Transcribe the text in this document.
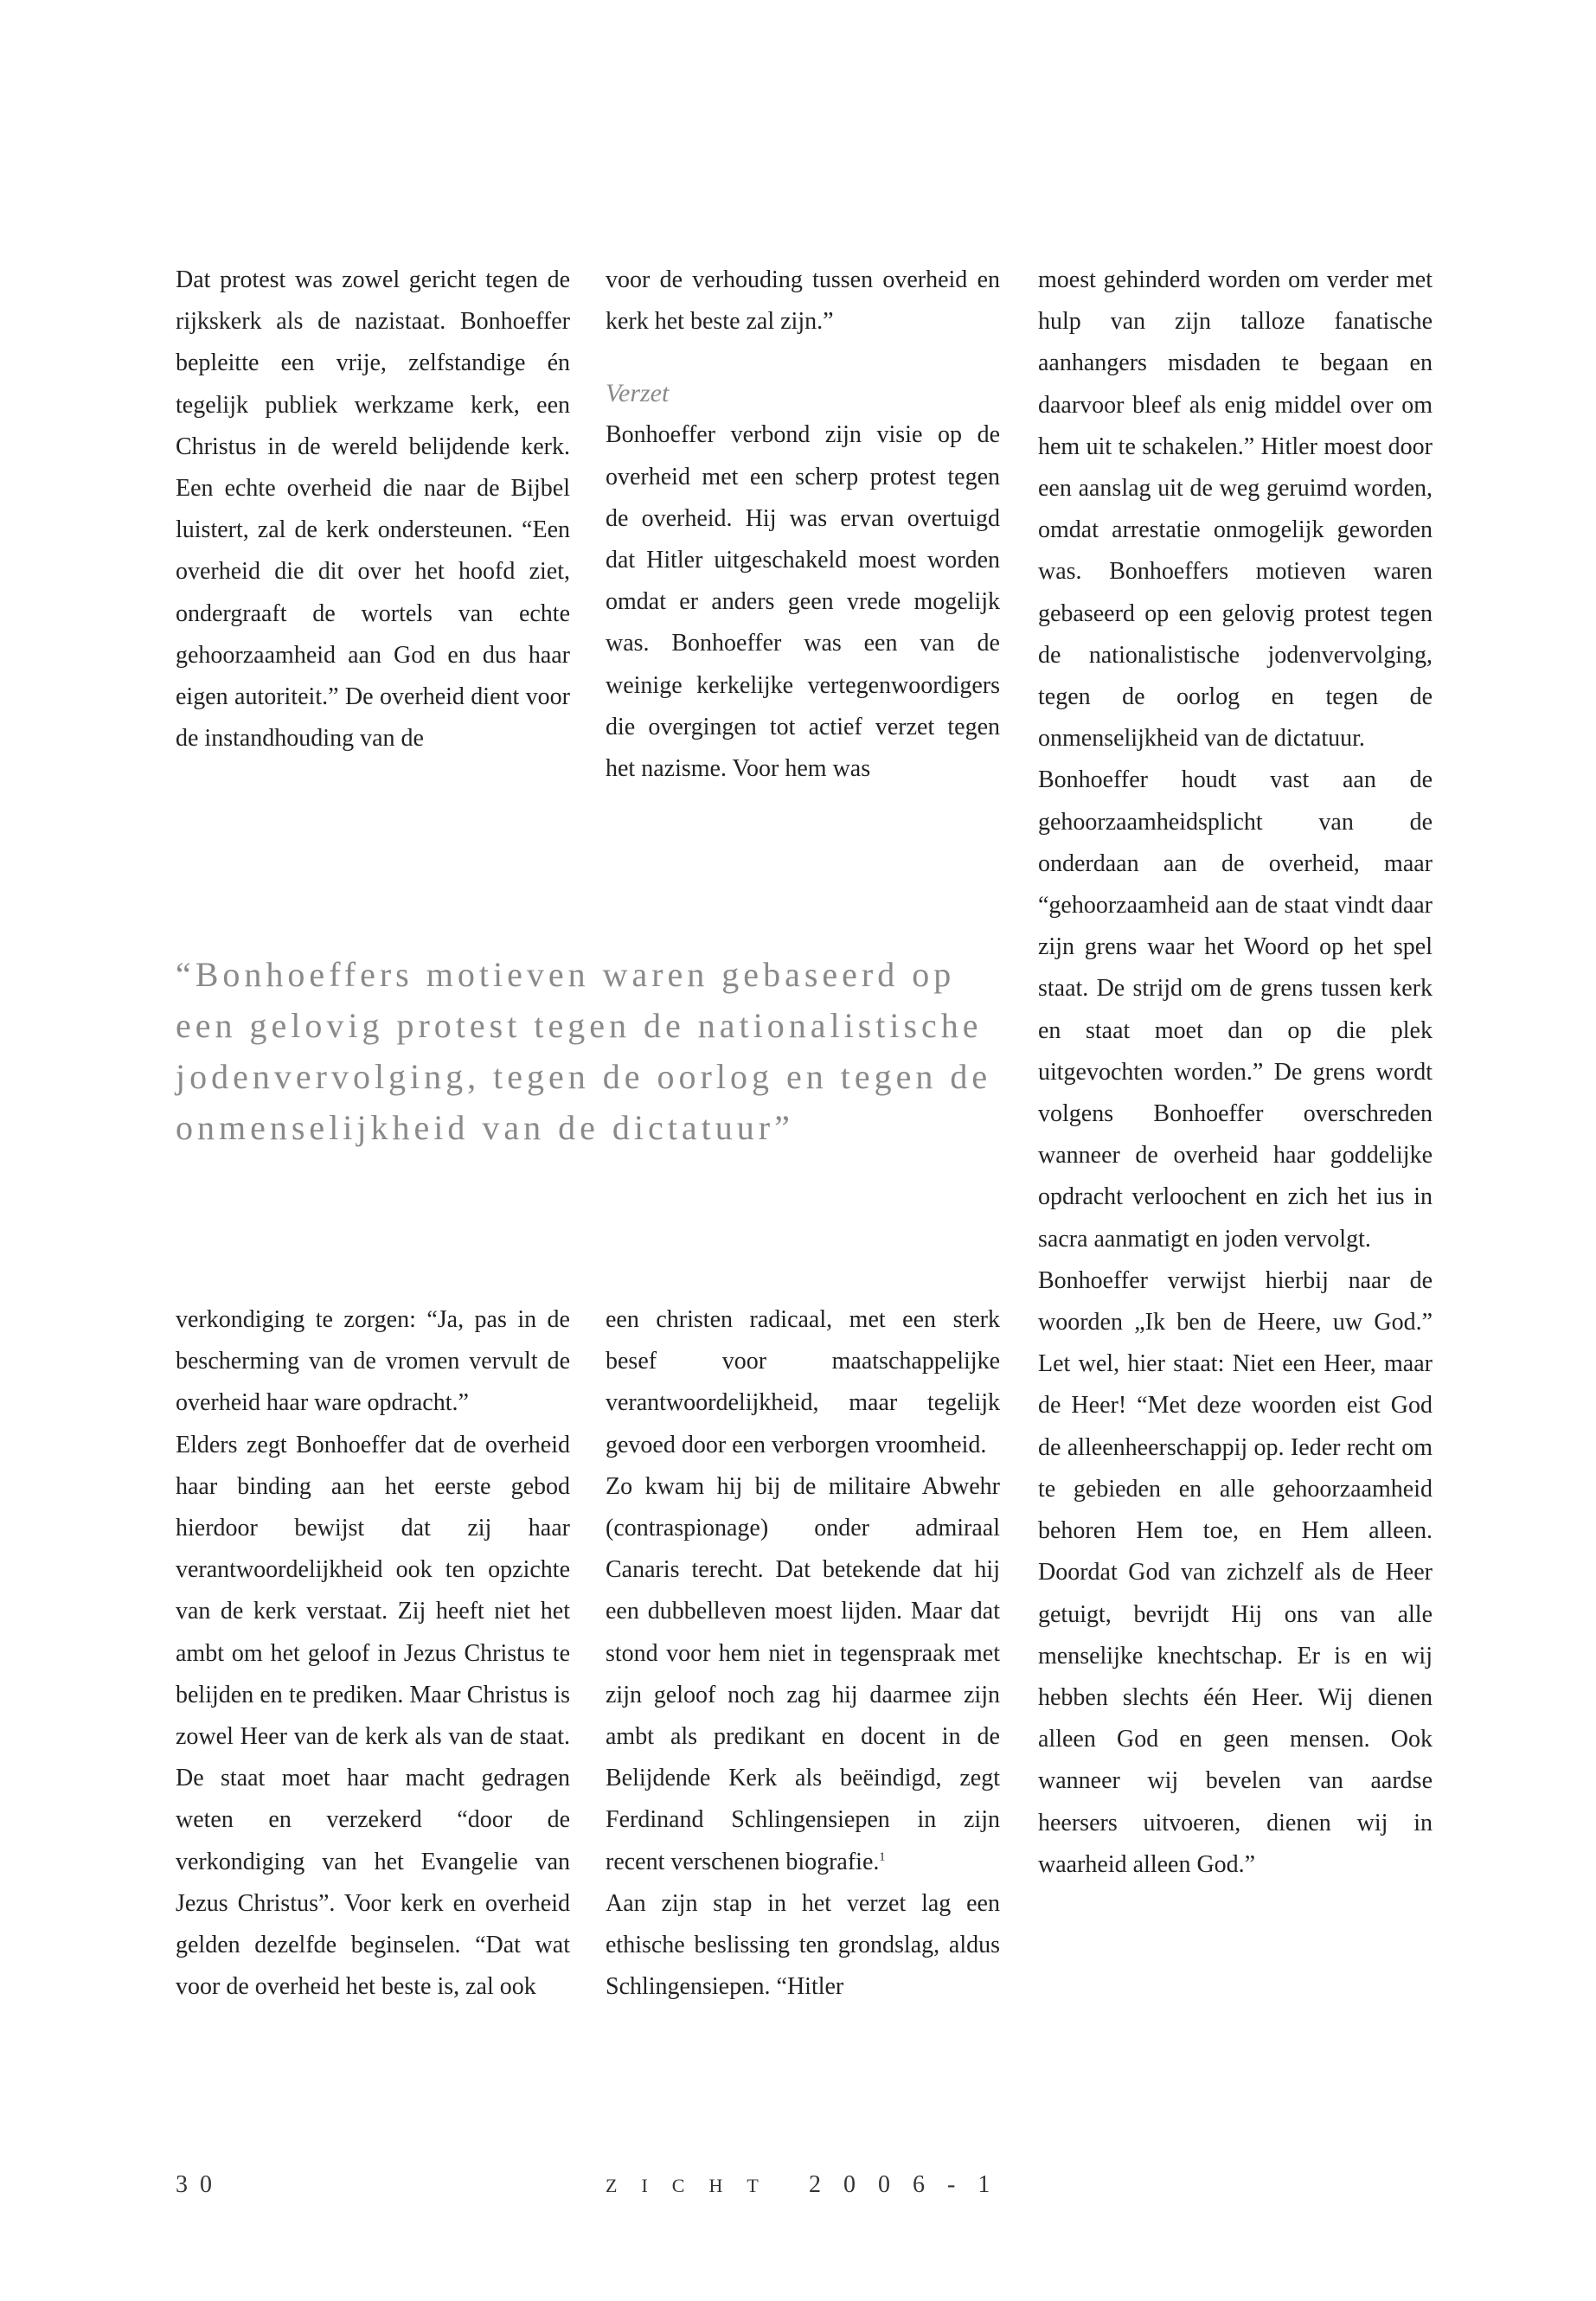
Dat protest was zowel gericht tegen de rijkskerk als de nazistaat. Bonhoeffer bepleitte een vrije, zelfstandige én tegelijk publiek werkzame kerk, een Christus in de wereld belijdende kerk. Een echte overheid die naar de Bijbel luistert, zal de kerk ondersteunen. “Een overheid die dit over het hoofd ziet, ondergraaft de wortels van echte gehoorzaamheid aan God en dus haar eigen autoriteit.” De overheid dient voor de instandhouding van de

voor de verhouding tussen overheid en kerk het beste zal zijn.”

Verzet

Bonhoeffer verbond zijn visie op de overheid met een scherp protest tegen de overheid. Hij was ervan overtuigd dat Hitler uitgeschakeld moest worden omdat er anders geen vrede mogelijk was. Bonhoeffer was een van de weinige kerkelijke vertegenwoordigers die overgingen tot actief verzet tegen het nazisme. Voor hem was

“Bonhoeffers motieven waren gebaseerd op een gelovig protest tegen de nationalistische jodenvervolging, tegen de oorlog en tegen de onmenselijkheid van de dictatuur”

verkondiging te zorgen: “Ja, pas in de bescherming van de vromen vervult de overheid haar ware opdracht.”

Elders zegt Bonhoeffer dat de overheid haar binding aan het eerste gebod hierdoor bewijst dat zij haar verantwoordelijkheid ook ten opzichte van de kerk verstaat. Zij heeft niet het ambt om het geloof in Jezus Christus te belijden en te prediken. Maar Christus is zowel Heer van de kerk als van de staat. De staat moet haar macht gedragen weten en verzekerd “door de verkondiging van het Evangelie van Jezus Christus”. Voor kerk en overheid gelden dezelfde beginselen. “Dat wat voor de overheid het beste is, zal ook

een christen radicaal, met een sterk besef voor maatschappelijke verantwoordelijkheid, maar tegelijk gevoed door een verborgen vroomheid.

Zo kwam hij bij de militaire Abwehr (contraspionage) onder admiraal Canaris terecht. Dat betekende dat hij een dubbelleven moest lijden. Maar dat stond voor hem niet in tegenspraak met zijn geloof noch zag hij daarmee zijn ambt als predikant en docent in de Belijdende Kerk als beëindigd, zegt Ferdinand Schlingensiepen in zijn recent verschenen biografie.$^1$

Aan zijn stap in het verzet lag een ethische beslissing ten grondslag, aldus Schlingensiepen. “Hitler

moest gehinderd worden om verder met hulp van zijn talloze fanatische aanhangers misdaden te begaan en daarvoor bleef als enig middel over om hem uit te schakelen.” Hitler moest door een aanslag uit de weg geruimd worden, omdat arrestatie onmogelijk geworden was. Bonhoeffers motieven waren gebaseerd op een gelovig protest tegen de nationalistische jodenvervolging, tegen de oorlog en tegen de onmenselijkheid van de dictatuur.

Bonhoeffer houdt vast aan de gehoorzaamheidsplicht van de onderdaan aan de overheid, maar “gehoorzaamheid aan de staat vindt daar zijn grens waar het Woord op het spel staat. De strijd om de grens tussen kerk en staat moet dan op die plek uitgevochten worden.” De grens wordt volgens Bonhoeffer overschreden wanneer de overheid haar goddelijke opdracht verloochent en zich het ius in sacra aanmatigt en joden vervolgt.

Bonhoeffer verwijst hierbij naar de woorden „Ik ben de Heere, uw God.” Let wel, hier staat: Niet een Heer, maar de Heer! “Met deze woorden eist God de alleenheerschappij op. Ieder recht om te gebieden en alle gehoorzaamheid behoren Hem toe, en Hem alleen. Doordat God van zichzelf als de Heer getuigt, bevrijdt Hij ons van alle menselijke knechtschap. Er is en wij hebben slechts één Heer. Wij dienen alleen God en geen mensen. Ook wanneer wij bevelen van aardse heersers uitvoeren, dienen wij in waarheid alleen God.”

30	ZICHT 2006-1
